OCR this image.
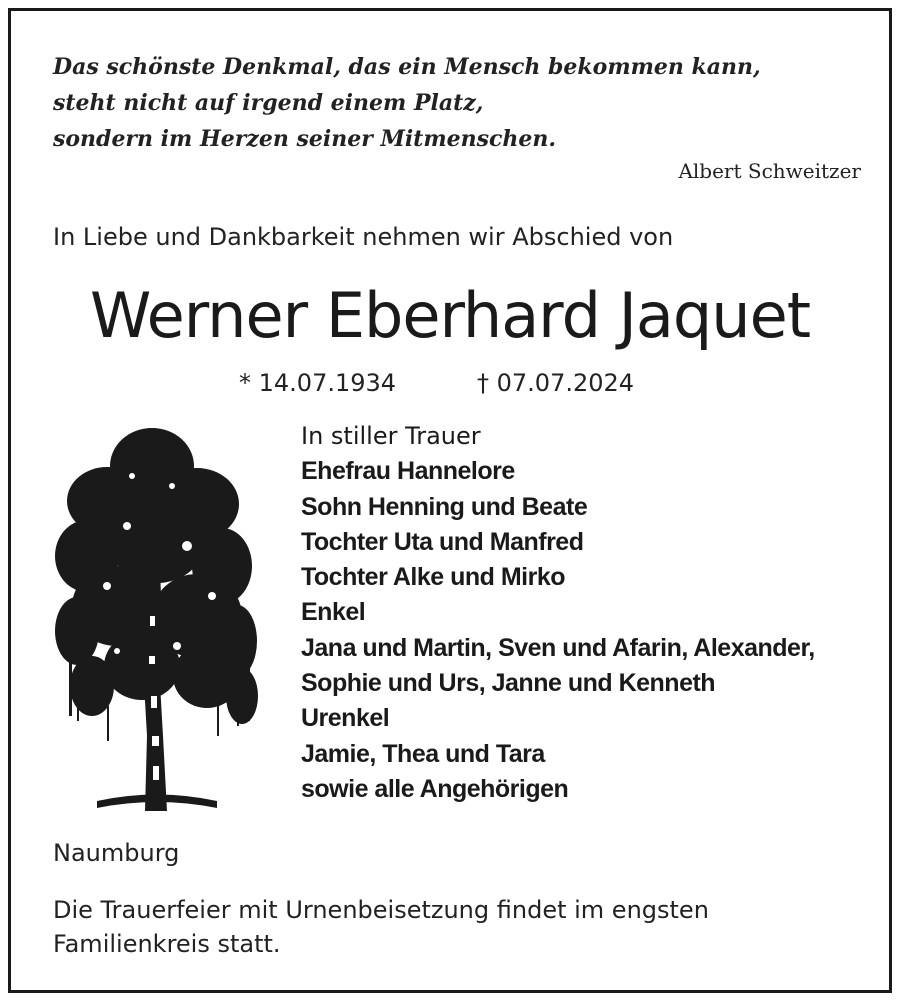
Das schönste Denkmal, das ein Mensch bekommen kann,
steht nicht auf irgend einem Platz,
sondern im Herzen seiner Mitmenschen.

Albert Schweitzer
In Liebe und Dankbarkeit nehmen wir Abschied von
Werner Eberhard Jaquet
* 14.07.1934	† 07.07.2024
In stiller Trauer
Ehefrau Hannelore
Sohn Henning und Beate
Tochter Uta und Manfred
Tochter Alke und Mirko
Enkel
Jana und Martin, Sven und Afarin, Alexander,
Sophie und Urs, Janne und Kenneth
Urenkel
Jamie, Thea und Tara
sowie alle Angehörigen
Naumburg

Die Trauerfeier mit Urnenbeisetzung findet im engsten
Familienkreis statt.
